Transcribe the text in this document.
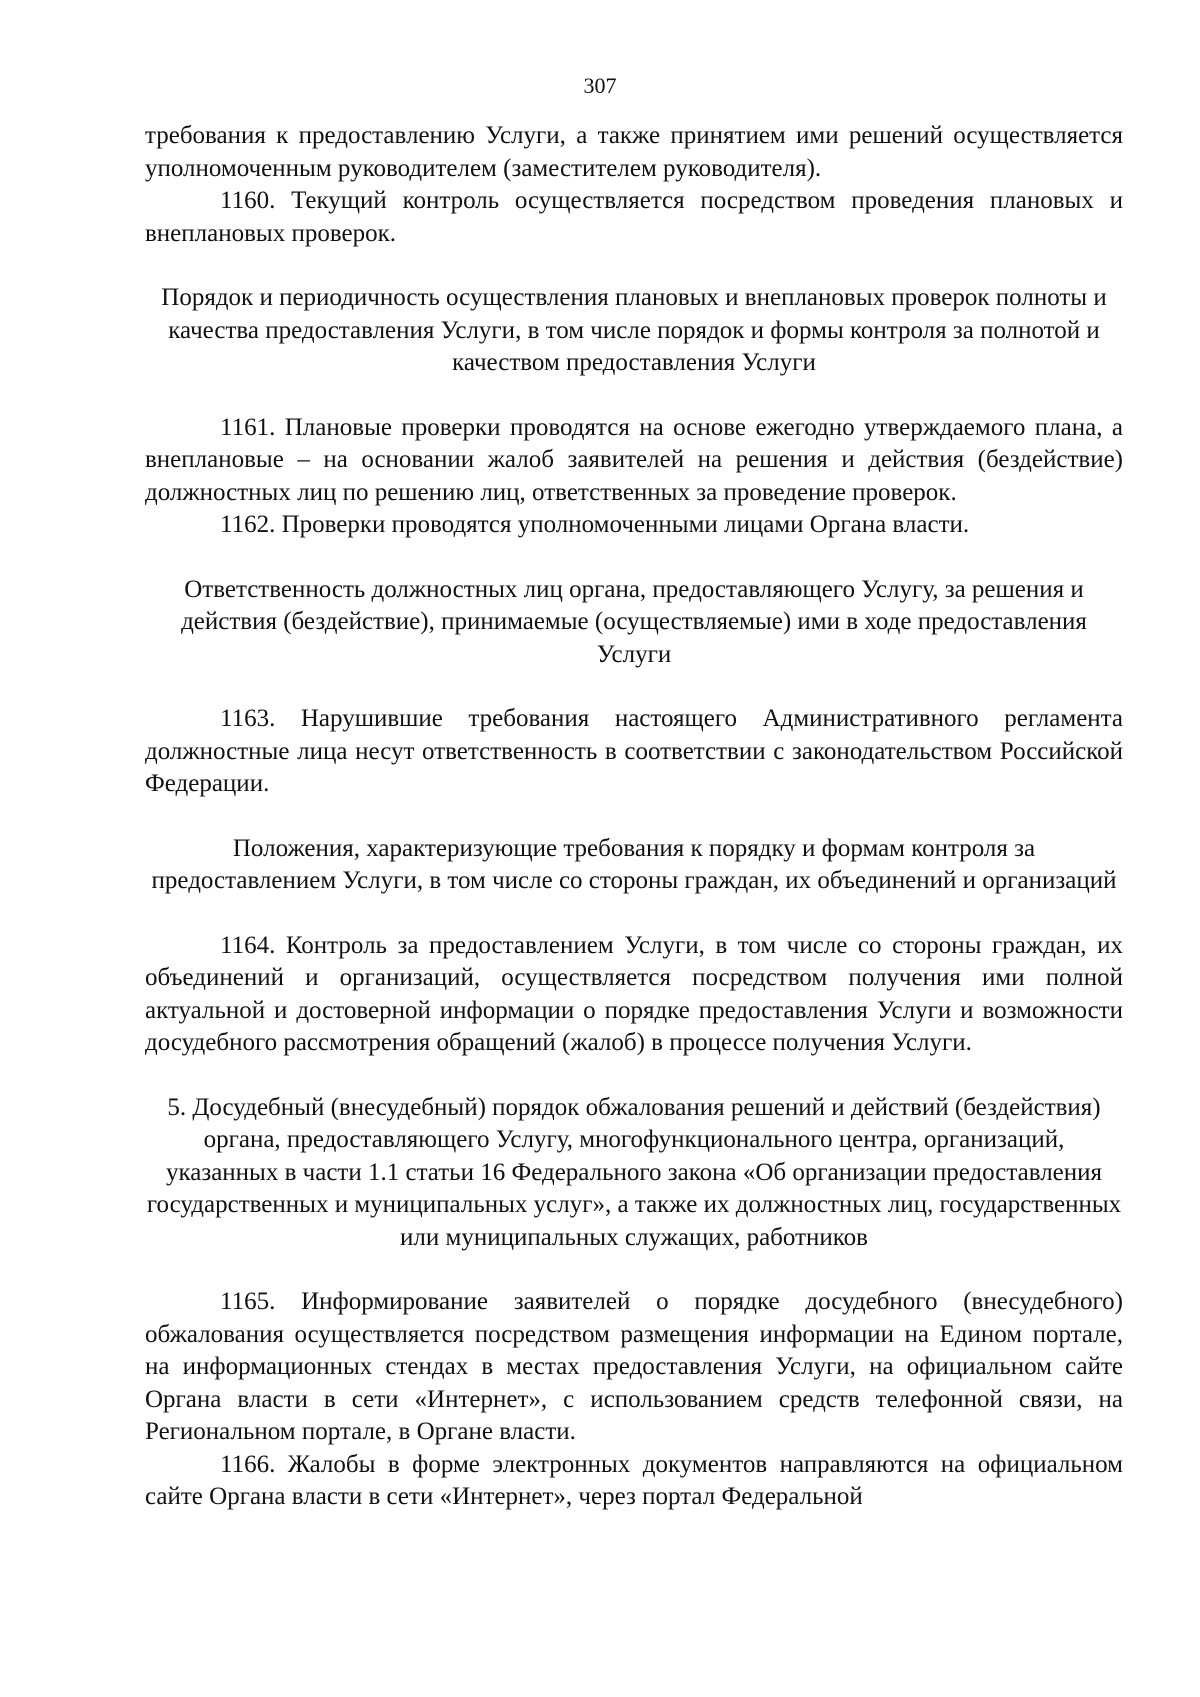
307

требования к предоставлению Услуги, а также принятием ими решений осуществляется уполномоченным руководителем (заместителем руководителя).

1160. Текущий контроль осуществляется посредством проведения плановых и внеплановых проверок.

Порядок и периодичность осуществления плановых и внеплановых проверок полноты и качества предоставления Услуги, в том числе порядок и формы контроля за полнотой и качеством предоставления Услуги

1161. Плановые проверки проводятся на основе ежегодно утверждаемого плана, а внеплановые – на основании жалоб заявителей на решения и действия (бездействие) должностных лиц по решению лиц, ответственных за проведение проверок.

1162. Проверки проводятся уполномоченными лицами Органа власти.

Ответственность должностных лиц органа, предоставляющего Услугу, за решения и действия (бездействие), принимаемые (осуществляемые) ими в ходе предоставления Услуги

1163. Нарушившие требования настоящего Административного регламента должностные лица несут ответственность в соответствии с законодательством Российской Федерации.

Положения, характеризующие требования к порядку и формам контроля за предоставлением Услуги, в том числе со стороны граждан, их объединений и организаций

1164. Контроль за предоставлением Услуги, в том числе со стороны граждан, их объединений и организаций, осуществляется посредством получения ими полной актуальной и достоверной информации о порядке предоставления Услуги и возможности досудебного рассмотрения обращений (жалоб) в процессе получения Услуги.

5. Досудебный (внесудебный) порядок обжалования решений и действий (бездействия) органа, предоставляющего Услугу, многофункционального центра, организаций, указанных в части 1.1 статьи 16 Федерального закона «Об организации предоставления государственных и муниципальных услуг», а также их должностных лиц, государственных или муниципальных служащих, работников

1165. Информирование заявителей о порядке досудебного (внесудебного) обжалования осуществляется посредством размещения информации на Едином портале, на информационных стендах в местах предоставления Услуги, на официальном сайте Органа власти в сети «Интернет», с использованием средств телефонной связи, на Региональном портале, в Органе власти.

1166. Жалобы в форме электронных документов направляются на официальном сайте Органа власти в сети «Интернет», через портал Федеральной
